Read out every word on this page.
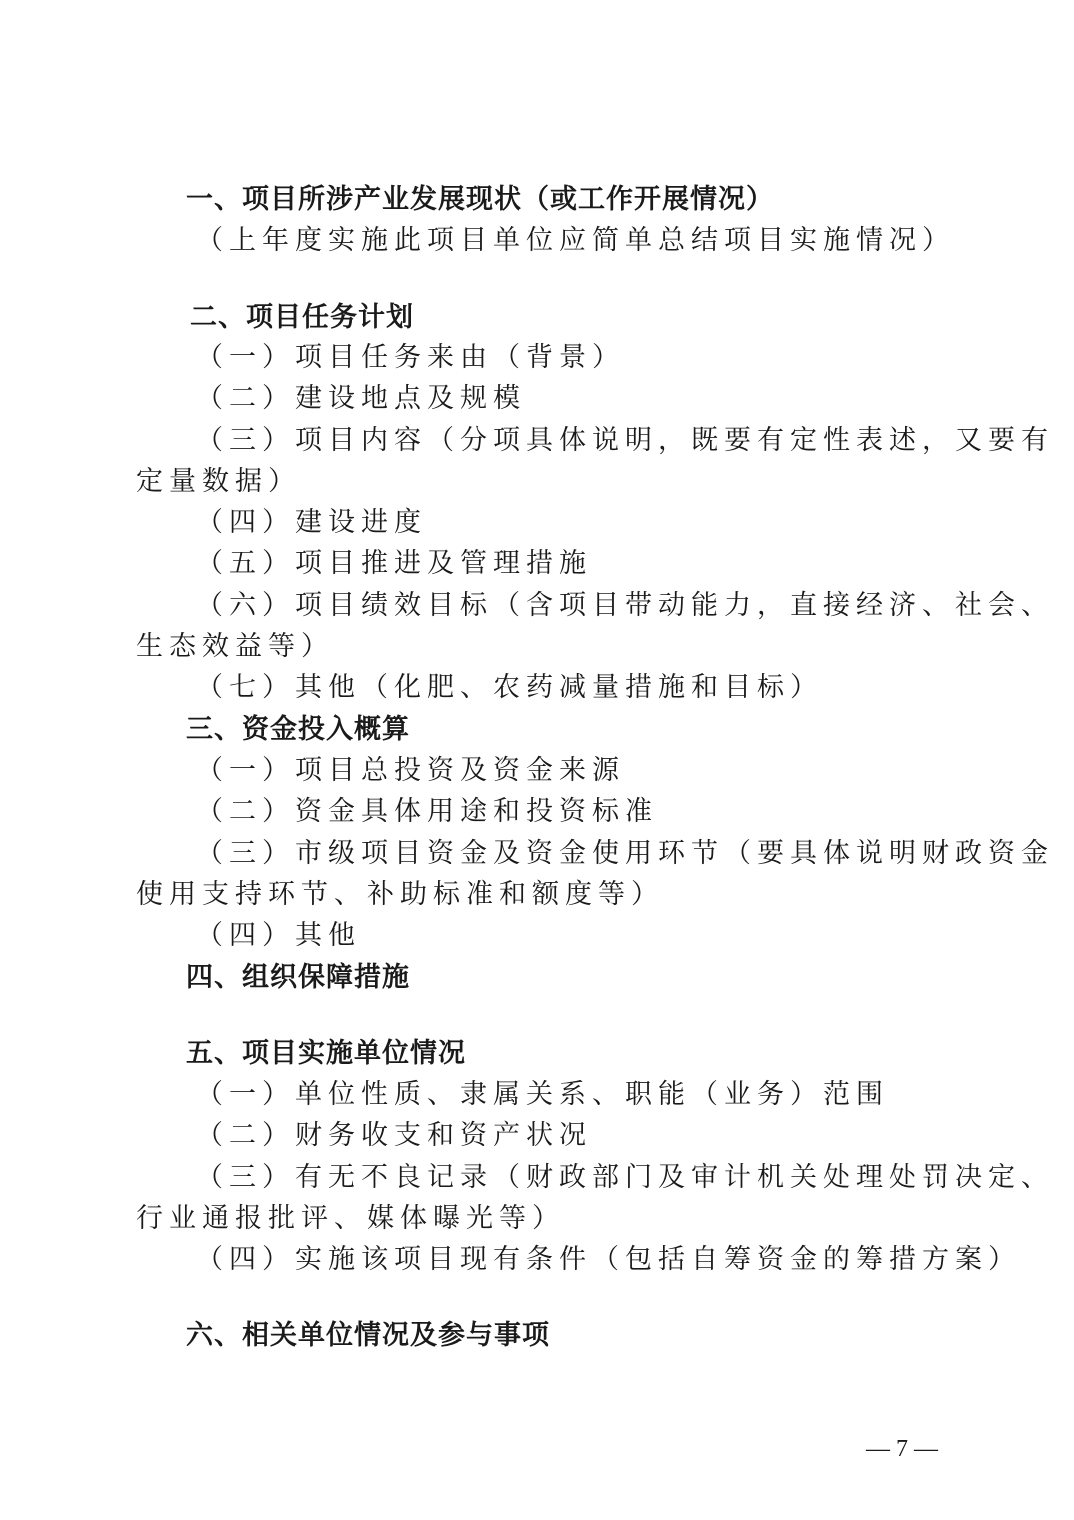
一、项目所涉产业发展现状（或工作开展情况）
（上年度实施此项目单位应简单总结项目实施情况）
二、项目任务计划
（一）项目任务来由（背景）
（二）建设地点及规模
（三）项目内容（分项具体说明，既要有定性表述，又要有
定量数据）
（四）建设进度
（五）项目推进及管理措施
（六）项目绩效目标（含项目带动能力，直接经济、社会、
生态效益等）
（七）其他（化肥、农药减量措施和目标）
三、资金投入概算
（一）项目总投资及资金来源
（二）资金具体用途和投资标准
（三）市级项目资金及资金使用环节（要具体说明财政资金
使用支持环节、补助标准和额度等）
（四）其他
四、组织保障措施
五、项目实施单位情况
（一）单位性质、隶属关系、职能（业务）范围
（二）财务收支和资产状况
（三）有无不良记录（财政部门及审计机关处理处罚决定、
行业通报批评、媒体曝光等）
（四）实施该项目现有条件（包括自筹资金的筹措方案）
六、相关单位情况及参与事项
— 7 —
